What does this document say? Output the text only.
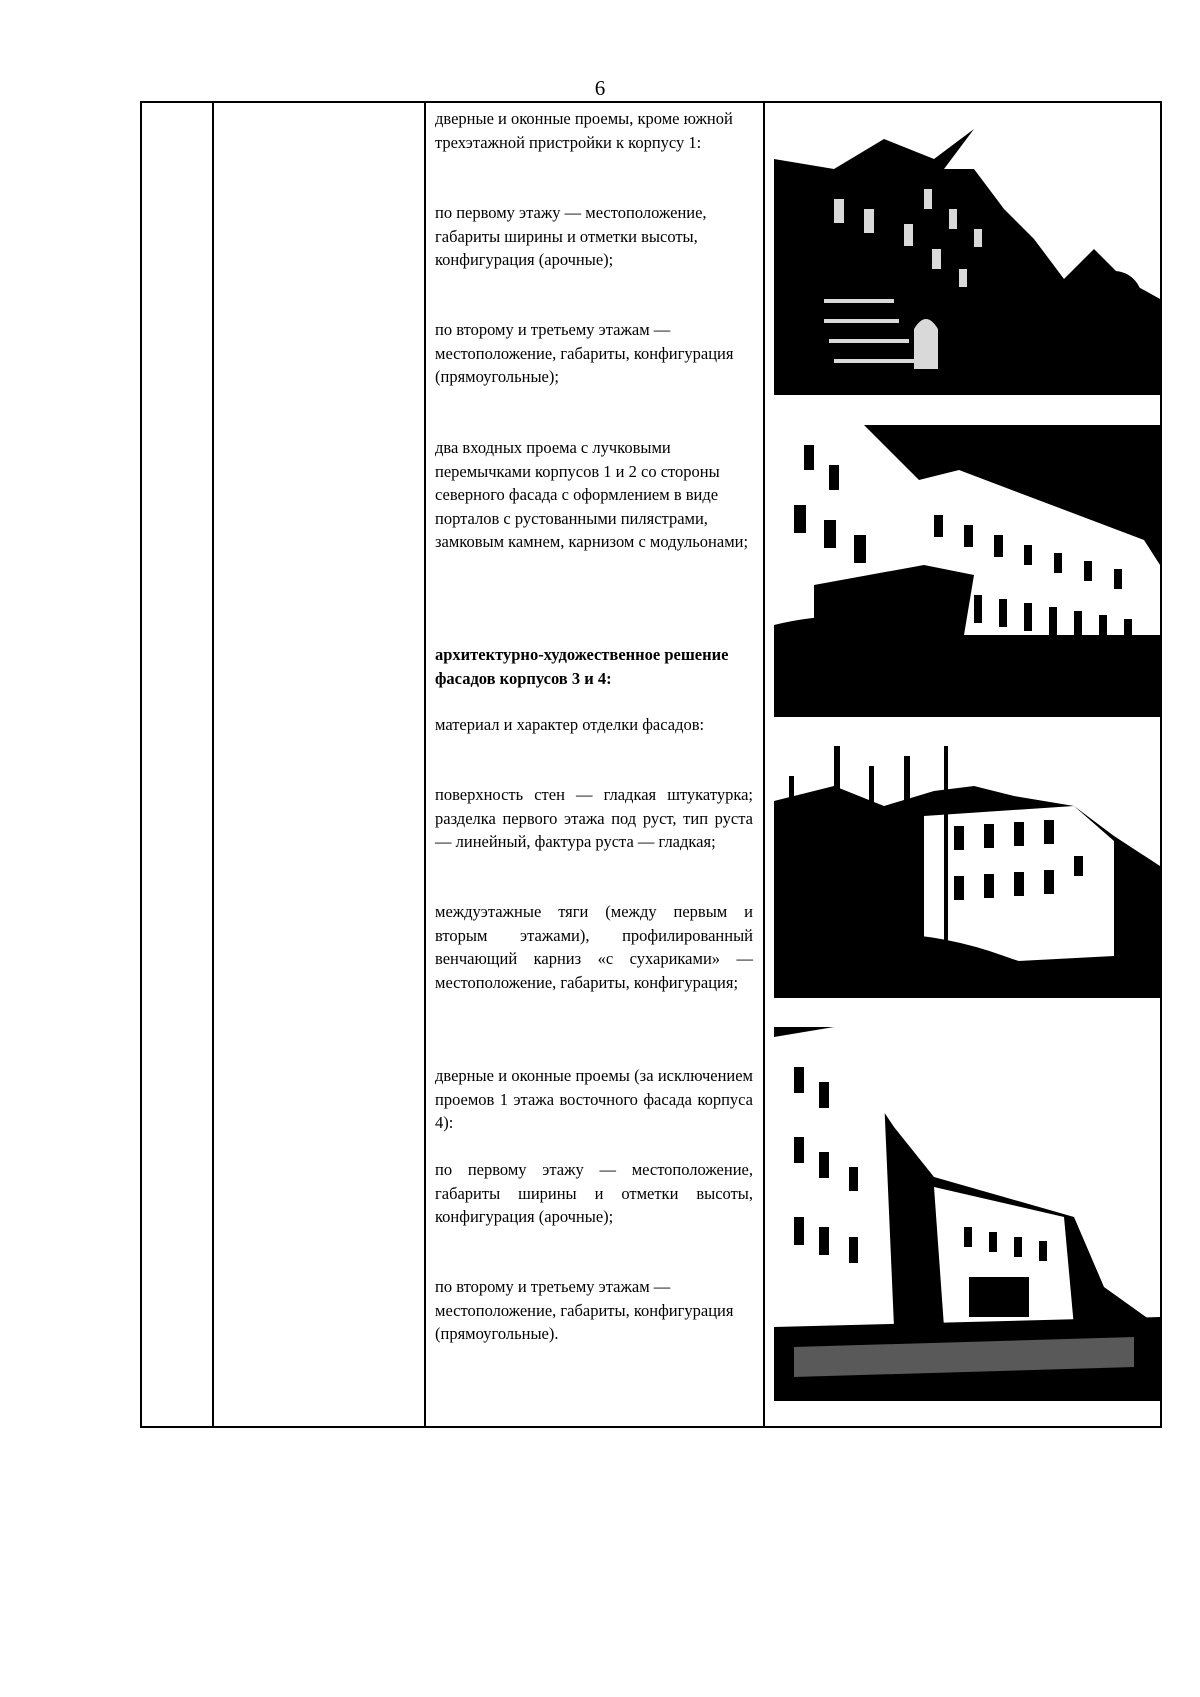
6

дверные и оконные проемы, кроме южной трехэтажной пристройки к корпусу 1:

по первому этажу — местоположение, габариты ширины и отметки высоты, конфигурация (арочные);

по второму и третьему этажам — местоположение, габариты, конфигурация (прямоугольные);

два входных проема с лучковыми перемычками корпусов 1 и 2 со стороны северного фасада с оформлением в виде порталов с рустованными пилястрами, замковым камнем, карнизом с модульонами;

архитектурно-художественное решение фасадов корпусов 3 и 4:

материал и характер отделки фасадов:

поверхность стен — гладкая штукатурка; разделка первого этажа под руст, тип руста — линейный, фактура руста — гладкая;

междуэтажные тяги (между первым и вторым этажами), профилированный венчающий карниз «с сухариками» — местоположение, габариты, конфигурация;

дверные и оконные проемы (за исключением проемов 1 этажа восточного фасада корпуса 4):

по первому этажу — местоположение, габариты ширины и отметки высоты, конфигурация (арочные);

по второму и третьему этажам — местоположение, габариты, конфигурация (прямоугольные).
